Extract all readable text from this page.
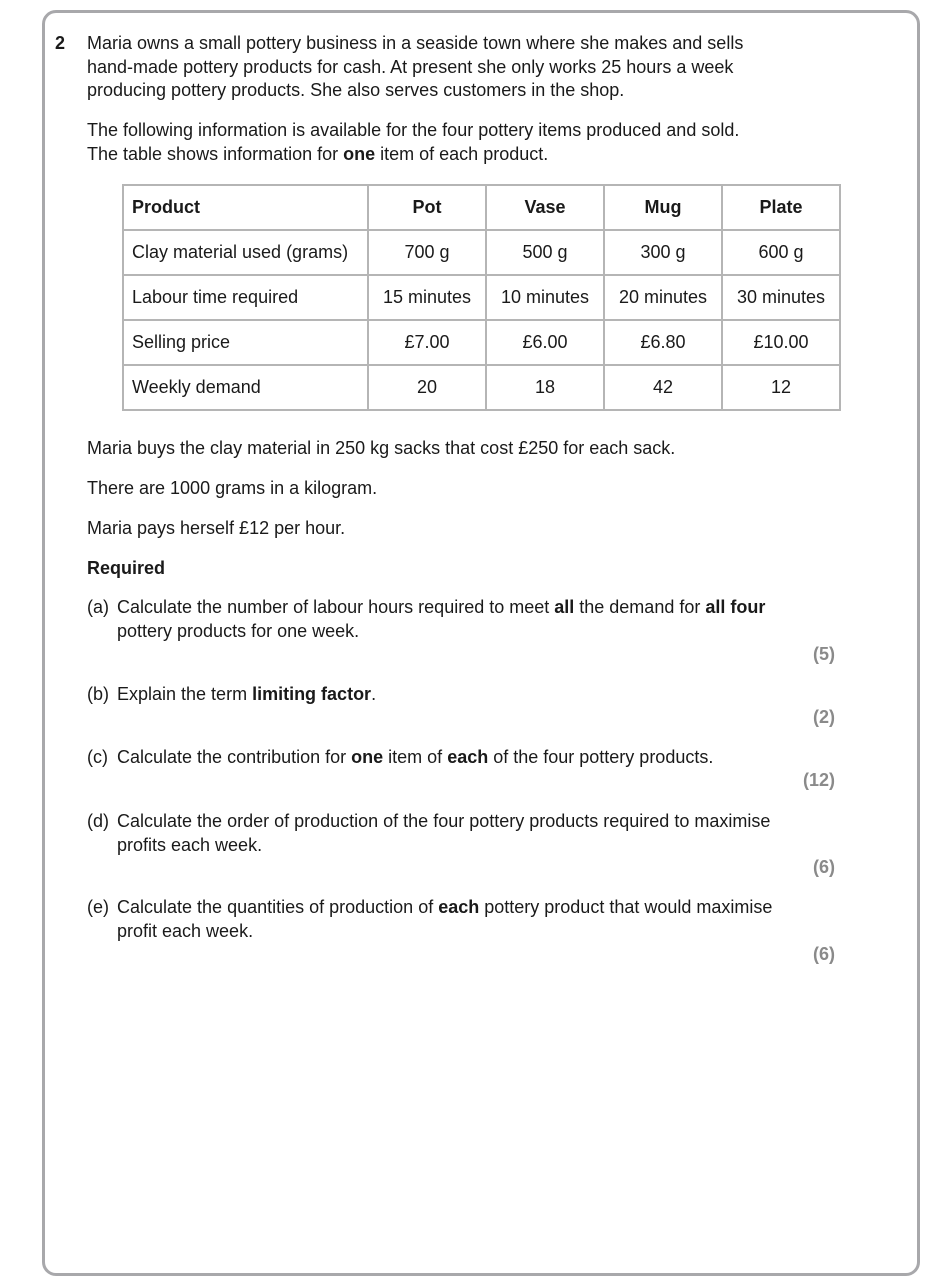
2 Maria owns a small pottery business in a seaside town where she makes and sells hand-made pottery products for cash. At present she only works 25 hours a week producing pottery products. She also serves customers in the shop.
The following information is available for the four pottery items produced and sold.
The table shows information for one item of each product.
Product	Pot	Vase	Mug	Plate
Clay material used (grams)	700 g	500 g	300 g	600 g
Labour time required	15 minutes	10 minutes	20 minutes	30 minutes
Selling price	£7.00	£6.00	£6.80	£10.00
Weekly demand	20	18	42	12
Maria buys the clay material in 250 kg sacks that cost £250 for each sack.
There are 1000 grams in a kilogram.
Maria pays herself £12 per hour.
Required
(a) Calculate the number of labour hours required to meet all the demand for all four pottery products for one week.
(5)
(b) Explain the term limiting factor.
(2)
(c) Calculate the contribution for one item of each of the four pottery products.
(12)
(d) Calculate the order of production of the four pottery products required to maximise profits each week.
(6)
(e) Calculate the quantities of production of each pottery product that would maximise profit each week.
(6)
